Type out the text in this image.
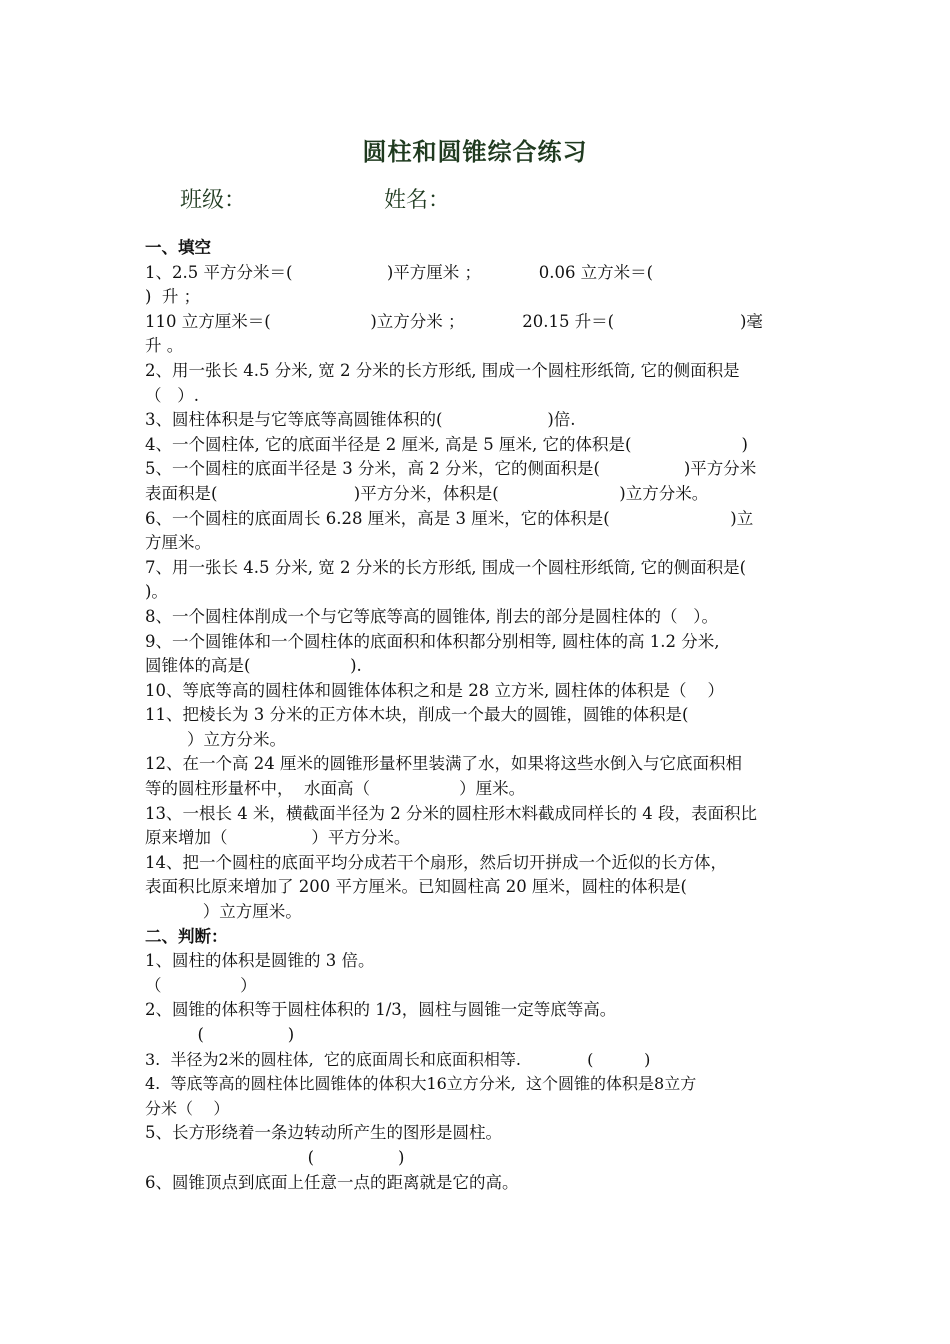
圆柱和圆锥综合练习
班级：	姓名：
一、填空
1、2.5 平方分米＝(                  )平方厘米 ；           0.06 立方米＝(
)  升 ；
110 立方厘米＝(                   )立方分米 ；           20.15 升＝(                        )毫
升 。
2、用一张长 4.5 分米, 宽 2 分米的长方形纸, 围成一个圆柱形纸筒, 它的侧面积是
（   ）.
3、圆柱体积是与它等底等高圆锥体积的(                    )倍.
4、一个圆柱体, 它的底面半径是 2 厘米, 高是 5 厘米, 它的体积是(                     )
5、一个圆柱的底面半径是 3 分米，高 2 分米，它的侧面积是(                )平方分米
表面积是(                          )平方分米，体积是(                       )立方分米。
6、一个圆柱的底面周长 6.28 厘米，高是 3 厘米，它的体积是(                       )立
方厘米。
7、用一张长 4.5 分米, 宽 2 分米的长方形纸, 围成一个圆柱形纸筒, 它的侧面积是(
)。
8、一个圆柱体削成一个与它等底等高的圆锥体, 削去的部分是圆柱体的（   ）。
9、一个圆锥体和一个圆柱体的底面积和体积都分别相等, 圆柱体的高 1.2 分米,
圆锥体的高是(                   ).
10、等底等高的圆柱体和圆锥体体积之和是 28 立方米, 圆柱体的体积是（    ）
11、把棱长为 3 分米的正方体木块，削成一个最大的圆锥，圆锥的体积是(
）立方分米。
12、在一个高 24 厘米的圆锥形量杯里装满了水，如果将这些水倒入与它底面积相
等的圆柱形量杯中，  水面高（                 ）厘米。
13、一根长 4 米，横截面半径为 2 分米的圆柱形木料截成同样长的 4 段，表面积比
原来增加（                ）平方分米。
14、把一个圆柱的底面平均分成若干个扇形，然后切开拼成一个近似的长方体，
表面积比原来增加了 200 平方厘米。已知圆柱高 20 厘米，圆柱的体积是(
）立方厘米。
二、判断：
1、圆柱的体积是圆锥的 3 倍。
（               ）
2、圆锥的体积等于圆柱体积的 1/3，圆柱与圆锥一定等底等高。
(                )
3.  半径为2米的圆柱体,  它的底面周长和底面积相等.             (          )
4.  等底等高的圆柱体比圆锥体的体积大16立方分米,  这个圆锥的体积是8立方
分米（    ）
5、长方形绕着一条边转动所产生的图形是圆柱。
(                )
6、圆锥顶点到底面上任意一点的距离就是它的高。
